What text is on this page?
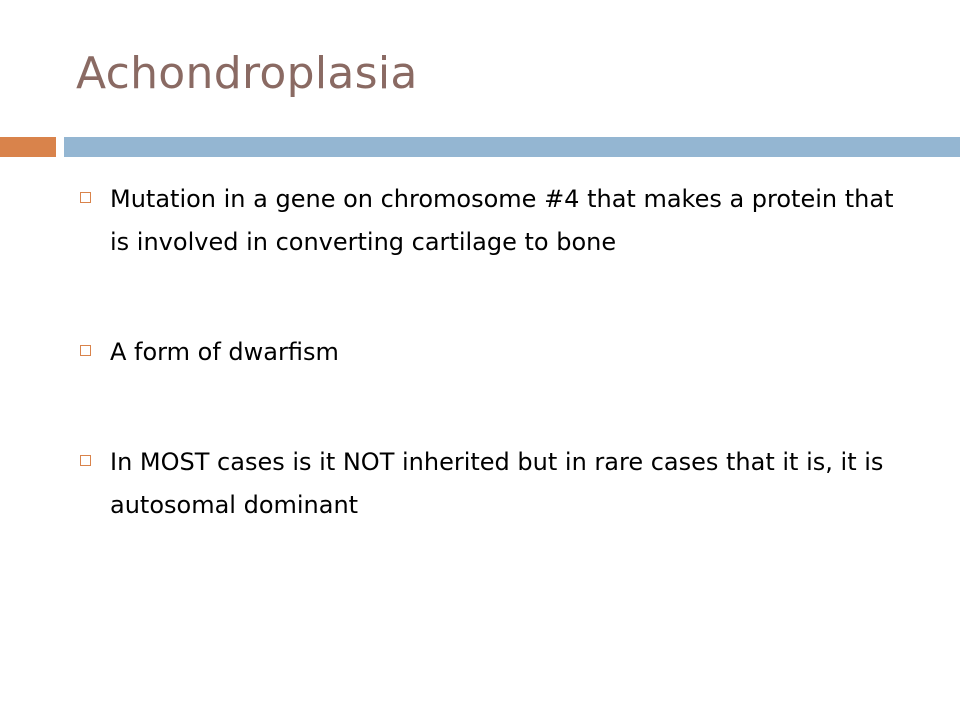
Achondroplasia
Mutation in a gene on chromosome #4 that makes a protein that is involved in converting cartilage to bone
A form of dwarfism
In MOST cases is it NOT inherited but in rare cases that it is, it is autosomal dominant
